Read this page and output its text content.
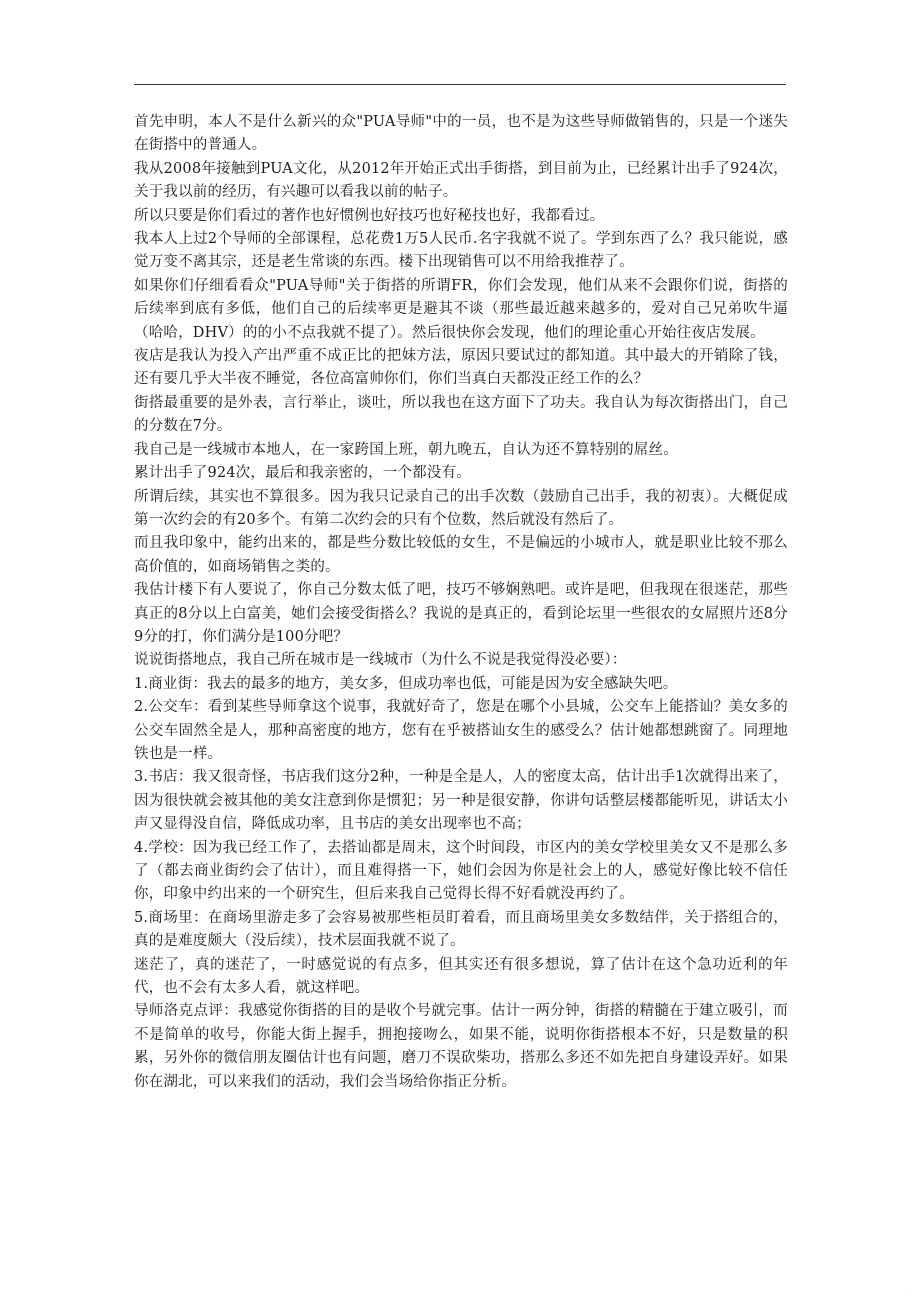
首先申明，本人不是什么新兴的众"PUA导师"中的一员，也不是为这些导师做销售的，只是一个迷失在街搭中的普通人。

我从2008年接触到PUA文化，从2012年开始正式出手街搭，到目前为止，已经累计出手了924次，关于我以前的经历，有兴趣可以看我以前的帖子。

所以只要是你们看过的著作也好惯例也好技巧也好秘技也好，我都看过。

我本人上过2个导师的全部课程，总花费1万5人民币.名字我就不说了。学到东西了么？我只能说，感觉万变不离其宗，还是老生常谈的东西。楼下出现销售可以不用给我推荐了。

如果你们仔细看看众"PUA导师"关于街搭的所谓FR，你们会发现，他们从来不会跟你们说，街搭的后续率到底有多低，他们自己的后续率更是避其不谈（那些最近越来越多的，爱对自己兄弟吹牛逼（哈哈，DHV）的的小不点我就不提了）。然后很快你会发现，他们的理论重心开始往夜店发展。

夜店是我认为投入产出严重不成正比的把妹方法，原因只要试过的都知道。其中最大的开销除了钱，还有要几乎大半夜不睡觉，各位高富帅你们，你们当真白天都没正经工作的么？

街搭最重要的是外表，言行举止，谈吐，所以我也在这方面下了功夫。我自认为每次街搭出门，自己的分数在7分。

我自己是一线城市本地人，在一家跨国上班，朝九晚五，自认为还不算特别的屌丝。

累计出手了924次，最后和我亲密的，一个都没有。

所谓后续，其实也不算很多。因为我只记录自己的出手次数（鼓励自己出手，我的初衷）。大概促成第一次约会的有20多个。有第二次约会的只有个位数，然后就没有然后了。

而且我印象中，能约出来的，都是些分数比较低的女生，不是偏远的小城市人，就是职业比较不那么高价值的，如商场销售之类的。

我估计楼下有人要说了，你自己分数太低了吧，技巧不够娴熟吧。或许是吧，但我现在很迷茫，那些真正的8分以上白富美，她们会接受街搭么？我说的是真正的，看到论坛里一些很农的女屌照片还8分9分的打，你们满分是100分吧？

说说街搭地点，我自己所在城市是一线城市（为什么不说是我觉得没必要）：

1.商业街：我去的最多的地方，美女多，但成功率也低，可能是因为安全感缺失吧。

2.公交车：看到某些导师拿这个说事，我就好奇了，您是在哪个小县城，公交车上能搭讪？美女多的公交车固然全是人，那种高密度的地方，您有在乎被搭讪女生的感受么？估计她都想跳窗了。同理地铁也是一样。

3.书店：我又很奇怪，书店我们这分2种，一种是全是人，人的密度太高，估计出手1次就得出来了，因为很快就会被其他的美女注意到你是惯犯；另一种是很安静，你讲句话整层楼都能听见，讲话太小声又显得没自信，降低成功率，且书店的美女出现率也不高；

4.学校：因为我已经工作了，去搭讪都是周末，这个时间段，市区内的美女学校里美女又不是那么多了（都去商业街约会了估计），而且难得搭一下，她们会因为你是社会上的人，感觉好像比较不信任你，印象中约出来的一个研究生，但后来我自己觉得长得不好看就没再约了。

5.商场里：在商场里游走多了会容易被那些柜员盯着看，而且商场里美女多数结伴，关于搭组合的，真的是难度颇大（没后续），技术层面我就不说了。

迷茫了，真的迷茫了，一时感觉说的有点多，但其实还有很多想说，算了估计在这个急功近利的年代，也不会有太多人看，就这样吧。

导师洛克点评：我感觉你街搭的目的是收个号就完事。估计一两分钟，街搭的精髓在于建立吸引，而不是简单的收号，你能大街上握手，拥抱接吻么，如果不能，说明你街搭根本不好，只是数量的积累，另外你的微信朋友圈估计也有问题，磨刀不误砍柴功，搭那么多还不如先把自身建设弄好。如果你在湖北，可以来我们的活动，我们会当场给你指正分析。

·
